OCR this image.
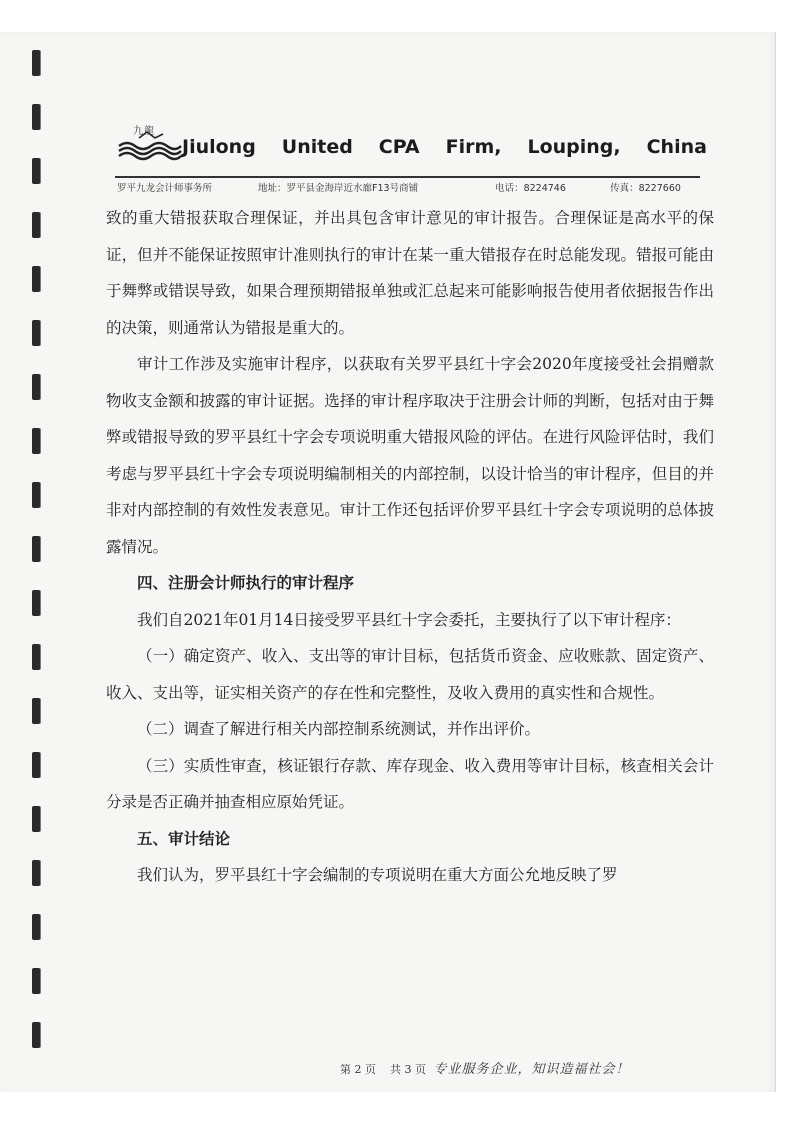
九龍
Jiulong United CPA Firm, Louping, China
罗平九龙会计师事务所	地址：罗平县金海岸近水廊F13号商铺	电话：8224746	传真：8227660

致的重大错报获取合理保证，并出具包含审计意见的审计报告。合理保证是高水平的保证，但并不能保证按照审计准则执行的审计在某一重大错报存在时总能发现。错报可能由于舞弊或错误导致，如果合理预期错报单独或汇总起来可能影响报告使用者依据报告作出的决策，则通常认为错报是重大的。

审计工作涉及实施审计程序，以获取有关罗平县红十字会2020年度接受社会捐赠款物收支金额和披露的审计证据。选择的审计程序取决于注册会计师的判断，包括对由于舞弊或错报导致的罗平县红十字会专项说明重大错报风险的评估。在进行风险评估时，我们考虑与罗平县红十字会专项说明编制相关的内部控制，以设计恰当的审计程序，但目的并非对内部控制的有效性发表意见。审计工作还包括评价罗平县红十字会专项说明的总体披露情况。

四、注册会计师执行的审计程序

我们自2021年01月14日接受罗平县红十字会委托，主要执行了以下审计程序：

（一）确定资产、收入、支出等的审计目标，包括货币资金、应收账款、固定资产、收入、支出等，证实相关资产的存在性和完整性，及收入费用的真实性和合规性。

（二）调查了解进行相关内部控制系统测试，并作出评价。

（三）实质性审查，核证银行存款、库存现金、收入费用等审计目标，核查相关会计分录是否正确并抽查相应原始凭证。

五、审计结论

我们认为，罗平县红十字会编制的专项说明在重大方面公允地反映了罗

第 2 页 共 3 页 专业服务企业，知识造福社会！
